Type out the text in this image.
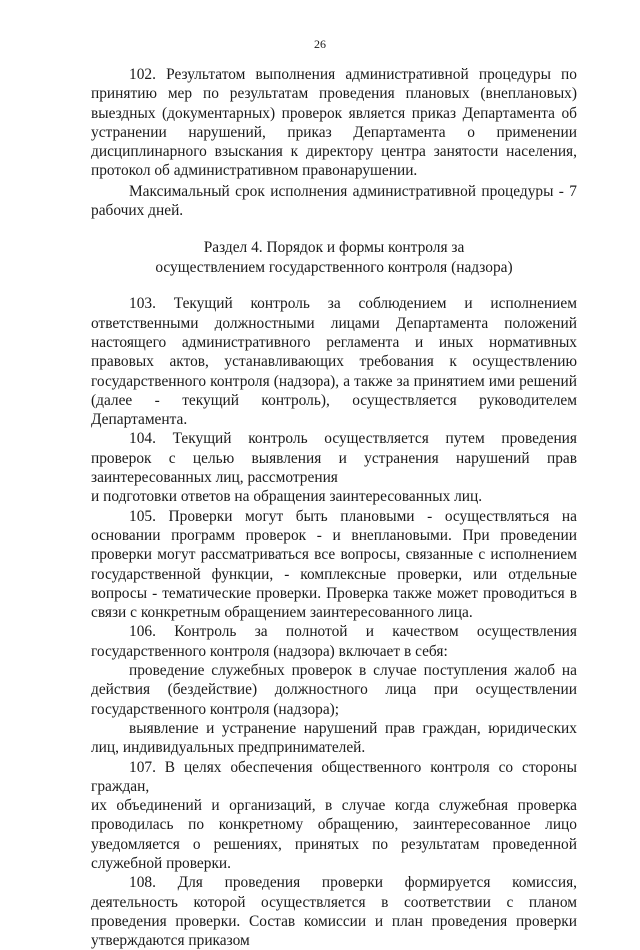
26

102. Результатом выполнения административной процедуры по принятию мер по результатам проведения плановых (внеплановых) выездных (документарных) проверок является приказ Департамента об устранении нарушений, приказ Департамента о применении дисциплинарного взыскания к директору центра занятости населения, протокол об административном правонарушении.

Максимальный срок исполнения административной процедуры - 7 рабочих дней.

Раздел 4. Порядок и формы контроля за
осуществлением государственного контроля (надзора)

103. Текущий контроль за соблюдением и исполнением ответственными должностными лицами Департамента положений настоящего административного регламента и иных нормативных правовых актов, устанавливающих требования к осуществлению государственного контроля (надзора), а также за принятием ими решений (далее - текущий контроль), осуществляется руководителем Департамента.

104. Текущий контроль осуществляется путем проведения проверок с целью выявления и устранения нарушений прав заинтересованных лиц, рассмотрения

и подготовки ответов на обращения заинтересованных лиц.

105. Проверки могут быть плановыми - осуществляться на основании программ проверок - и внеплановыми. При проведении проверки могут рассматриваться все вопросы, связанные с исполнением государственной функции, - комплексные проверки, или отдельные вопросы - тематические проверки. Проверка также может проводиться в связи с конкретным обращением заинтересованного лица.

106. Контроль за полнотой и качеством осуществления государственного контроля (надзора) включает в себя:

проведение служебных проверок в случае поступления жалоб на действия (бездействие) должностного лица при осуществлении государственного контроля (надзора);

выявление и устранение нарушений прав граждан, юридических лиц, индивидуальных предпринимателей.

107. В целях обеспечения общественного контроля со стороны граждан,

их объединений и организаций, в случае когда служебная проверка проводилась по конкретному обращению, заинтересованное лицо уведомляется о решениях, принятых по результатам проведенной служебной проверки.

108. Для проведения проверки формируется комиссия, деятельность которой осуществляется в соответствии с планом проведения проверки. Состав комиссии и план проведения проверки утверждаются приказом
